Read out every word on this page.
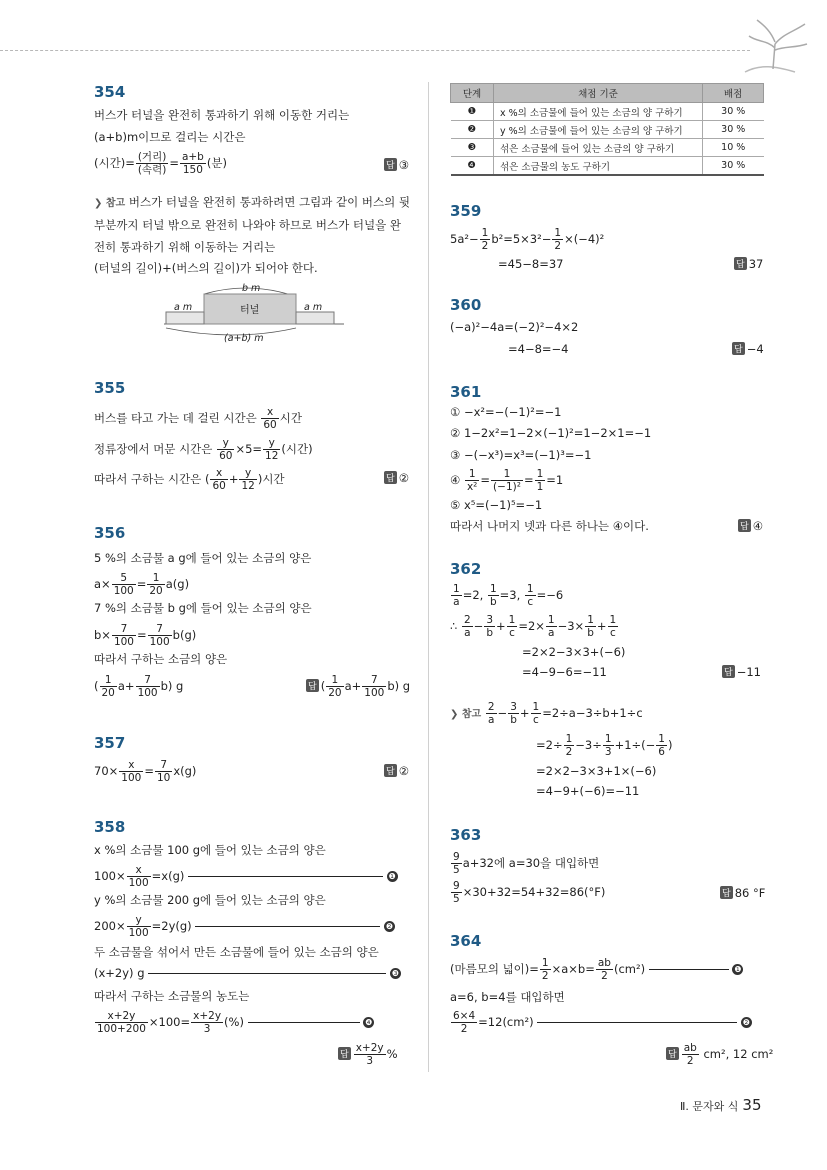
단계	채점 기준	배점
❶	x %의 소금물에 들어 있는 소금의 양 구하기	30 %
❷	y %의 소금물에 들어 있는 소금의 양 구하기	30 %
❸	섞은 소금물에 들어 있는 소금의 양 구하기	10 %
❹	섞은 소금물의 농도 구하기	30 %
354
버스가 터널을 완전히 통과하기 위해 이동한 거리는
(a+b)m이므로 걸리는 시간은
(시간)= $\frac{\text{(거리)}}{\text{(속력)}} = \frac{a+b}{150}$ (분)	답 ③
❯ 참고 버스가 터널을 완전히 통과하려면 그림과 같이 버스의 뒷
부분까지 터널 밖으로 완전히 나와야 하므로 버스가 터널을 완
전히 통과하기 위해 이동하는 거리는
(터널의 길이)+(버스의 길이)가 되어야 한다.
b m
a m	a m
터널
(a+b) m
355
버스를 타고 가는 데 걸린 시간은 $\frac{x}{60}$ 시간
정류장에서 머문 시간은 $\frac{y}{60} \times 5= \frac{y}{12}$ (시간)
따라서 구하는 시간은 ( $\frac{x}{60} + \frac{y}{12}$ )시간	답 ②
356
5 %의 소금물 a g에 들어 있는 소금의 양은
$a\times \frac{5}{100} = \frac{1}{20} a(g)$
7 %의 소금물 b g에 들어 있는 소금의 양은
$b\times \frac{7}{100} = \frac{7}{100} b(g)$
따라서 구하는 소금의 양은
( $\frac{1}{20} a+ \frac{7}{100} b$) g	답 ( $\frac{1}{20} a+ \frac{7}{100} b$) g
357
$70\times \frac{x}{100} = \frac{7}{10} x(g)$	답 ②
358
x %의 소금물 100 g에 들어 있는 소금의 양은
$100\times \frac{x}{100} =x(g)$	❶
y %의 소금물 200 g에 들어 있는 소금의 양은
$200\times \frac{y}{100} =2y(g)$	❷
두 소금물을 섞어서 만든 소금물에 들어 있는 소금의 양은
(x+2y) g	❸
따라서 구하는 소금물의 농도는
$\frac{x+2y}{100+200} \times 100= \frac{x+2y}{3}$ (%)	❹
답 $\frac{x+2y}{3}$ %
359
$5a^2- \frac{1}{2} b^2=5\times 3^2- \frac{1}{2} \times(-4)^2$
=45−8=37	답 37
360
(−a)²−4a=(−2)²−4×2
=4−8=−4	답 −4
361
① −x²=−(−1)²=−1
② 1−2x²=1−2×(−1)²=1−2×1=−1
③ −(−x³)=x³=(−1)³=−1
④ $\frac{1}{\text{x²}} = \frac{1}{\text{(−1)²}} = \frac{1}{1} =1$
⑤ x⁵=(−1)⁵=−1
따라서 나머지 넷과 다른 하나는 ④이다.	답 ④
362
$\frac{1}{a} =2$, $\frac{1}{b} =3$, $\frac{1}{c} =-6$
∴ $\frac{2}{a} - \frac{3}{b} + \frac{1}{c} =2\times \frac{1}{a} -3\times \frac{1}{b} + \frac{1}{c}$
=2×2−3×3+(−6)
=4−9−6=−11	답 −11
❯ 참고 $\frac{2}{a} - \frac{3}{b} + \frac{1}{c} =2\div a-3\div b+1\div c$
$=2\div \frac{1}{2} -3\div \frac{1}{3} +1\div(- \frac{1}{6}$ )
=2×2−3×3+1×(−6)
=4−9+(−6)=−11
363
$\frac{9}{5} a+32$에 a=30을 대입하면
$\frac{9}{5} \times 30+32=54+32=86(^\circ F)$	답 86 °F
364
(마름모의 넓이)= $\frac{1}{2} \times a\times b= \frac{ab}{2} (cm^2)$	❶
a=6, b=4를 대입하면
$\frac{6\times 4}{2} =12(cm^2)$	❷
답 $\frac{ab}{2} cm^2$, 12 cm²
Ⅱ. 문자와 식 35
